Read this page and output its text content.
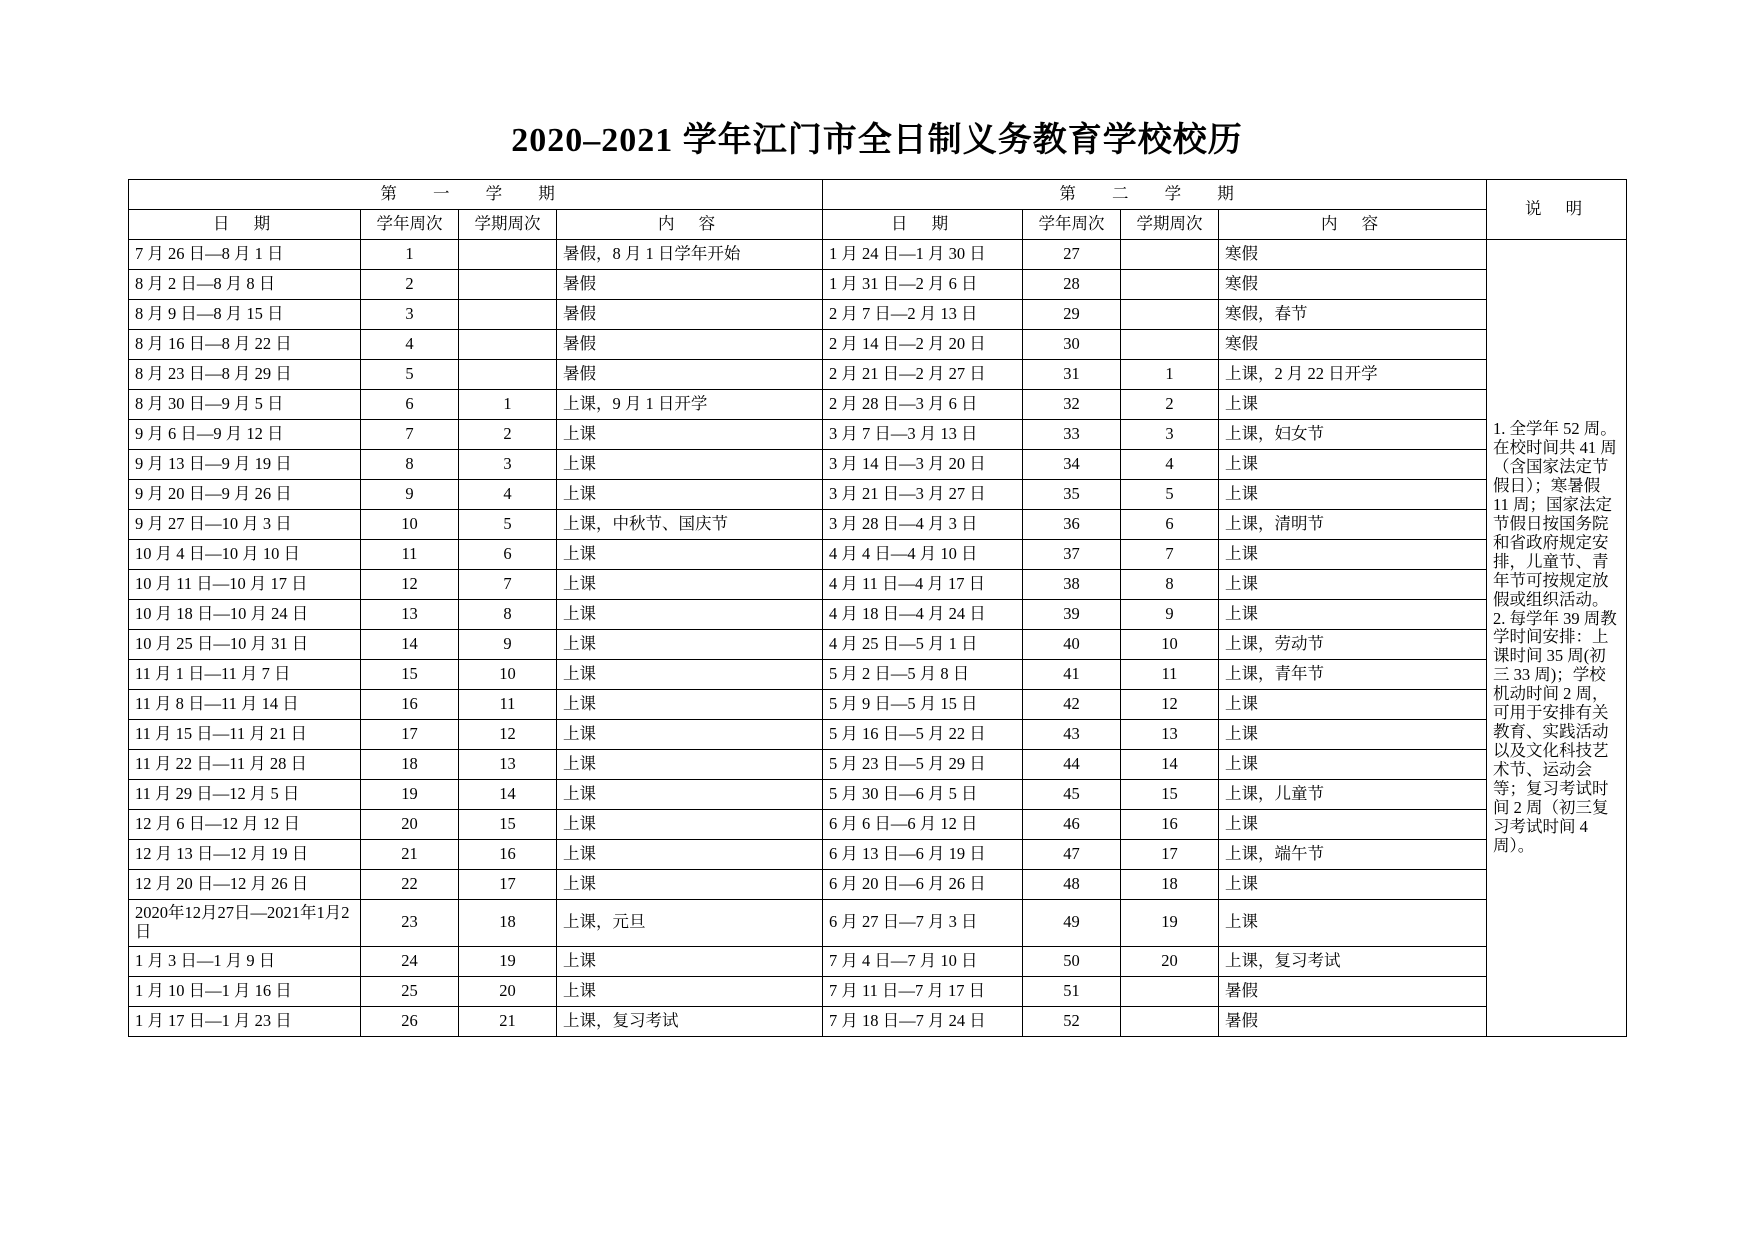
2020–2021 学年江门市全日制义务教育学校校历
第 一 学 期				第 二 学 期				说 明
日 期	学年周次	学期周次	内 容	日 期	学年周次	学期周次	内 容	
7 月 26 日—8 月 1 日	1		暑假，8 月 1 日学年开始	1 月 24 日—1 月 30 日	27		寒假	1. 全学年 52 周。在校时间共 41 周（含国家法定节假日）；寒暑假 11 周；国家法定节假日按国务院和省政府规定安排，儿童节、青年节可按规定放假或组织活动。

2. 每学年 39 周教学时间安排：上课时间 35 周(初三 33 周)；学校机动时间 2 周，可用于安排有关教育、实践活动以及文化科技艺术节、运动会等；复习考试时间 2 周（初三复习考试时间 4 周）。

8 月 2 日—8 月 8 日	2		暑假	1 月 31 日—2 月 6 日	28		寒假	
8 月 9 日—8 月 15 日	3		暑假	2 月 7 日—2 月 13 日	29		寒假，春节	
8 月 16 日—8 月 22 日	4		暑假	2 月 14 日—2 月 20 日	30		寒假	
8 月 23 日—8 月 29 日	5		暑假	2 月 21 日—2 月 27 日	31	1	上课，2 月 22 日开学	
8 月 30 日—9 月 5 日	6	1	上课，9 月 1 日开学	2 月 28 日—3 月 6 日	32	2	上课	
9 月 6 日—9 月 12 日	7	2	上课	3 月 7 日—3 月 13 日	33	3	上课，妇女节	
9 月 13 日—9 月 19 日	8	3	上课	3 月 14 日—3 月 20 日	34	4	上课	
9 月 20 日—9 月 26 日	9	4	上课	3 月 21 日—3 月 27 日	35	5	上课	
9 月 27 日—10 月 3 日	10	5	上课，中秋节、国庆节	3 月 28 日—4 月 3 日	36	6	上课，清明节	
10 月 4 日—10 月 10 日	11	6	上课	4 月 4 日—4 月 10 日	37	7	上课	
10 月 11 日—10 月 17 日	12	7	上课	4 月 11 日—4 月 17 日	38	8	上课	
10 月 18 日—10 月 24 日	13	8	上课	4 月 18 日—4 月 24 日	39	9	上课	
10 月 25 日—10 月 31 日	14	9	上课	4 月 25 日—5 月 1 日	40	10	上课，劳动节	
11 月 1 日—11 月 7 日	15	10	上课	5 月 2 日—5 月 8 日	41	11	上课，青年节	
11 月 8 日—11 月 14 日	16	11	上课	5 月 9 日—5 月 15 日	42	12	上课	
11 月 15 日—11 月 21 日	17	12	上课	5 月 16 日—5 月 22 日	43	13	上课	
11 月 22 日—11 月 28 日	18	13	上课	5 月 23 日—5 月 29 日	44	14	上课	
11 月 29 日—12 月 5 日	19	14	上课	5 月 30 日—6 月 5 日	45	15	上课，儿童节	
12 月 6 日—12 月 12 日	20	15	上课	6 月 6 日—6 月 12 日	46	16	上课	
12 月 13 日—12 月 19 日	21	16	上课	6 月 13 日—6 月 19 日	47	17	上课，端午节	
12 月 20 日—12 月 26 日	22	17	上课	6 月 20 日—6 月 26 日	48	18	上课	
2020年12月27日—2021年1月2日	23	18	上课，元旦	6 月 27 日—7 月 3 日	49	19	上课	
1 月 3 日—1 月 9 日	24	19	上课	7 月 4 日—7 月 10 日	50	20	上课，复习考试	
1 月 10 日—1 月 16 日	25	20	上课	7 月 11 日—7 月 17 日	51		暑假	
1 月 17 日—1 月 23 日	26	21	上课，复习考试	7 月 18 日—7 月 24 日	52		暑假	
